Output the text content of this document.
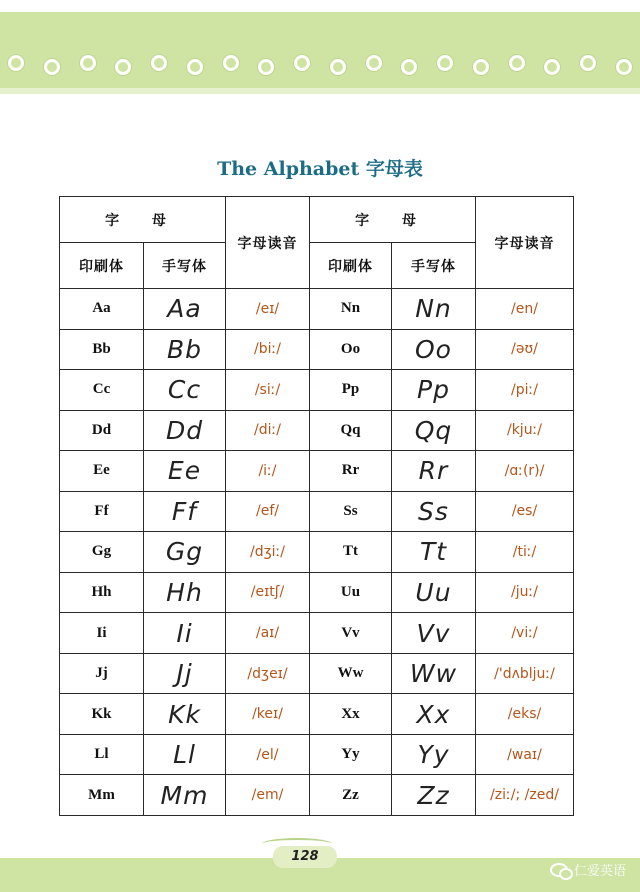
The Alphabet 字母表
字 母		字母读音	字 母		字母读音
印刷体	手写体		印刷体	手写体	
Aa	Aa	/eɪ/	Nn	Nn	/en/
Bb	Bb	/biː/	Oo	Oo	/əʊ/
Cc	Cc	/siː/	Pp	Pp	/piː/
Dd	Dd	/diː/	Qq	Qq	/kjuː/
Ee	Ee	/iː/	Rr	Rr	/ɑː(r)/
Ff	Ff	/ef/	Ss	Ss	/es/
Gg	Gg	/dʒiː/	Tt	Tt	/tiː/
Hh	Hh	/eɪtʃ/	Uu	Uu	/juː/
Ii	Ii	/aɪ/	Vv	Vv	/viː/
Jj	Jj	/dʒeɪ/	Ww	Ww	/'dʌbljuː/
Kk	Kk	/keɪ/	Xx	Xx	/eks/
Ll	Ll	/el/	Yy	Yy	/waɪ/
Mm	Mm	/em/	Zz	Zz	/ziː/; /zed/
128
仁爱英语
